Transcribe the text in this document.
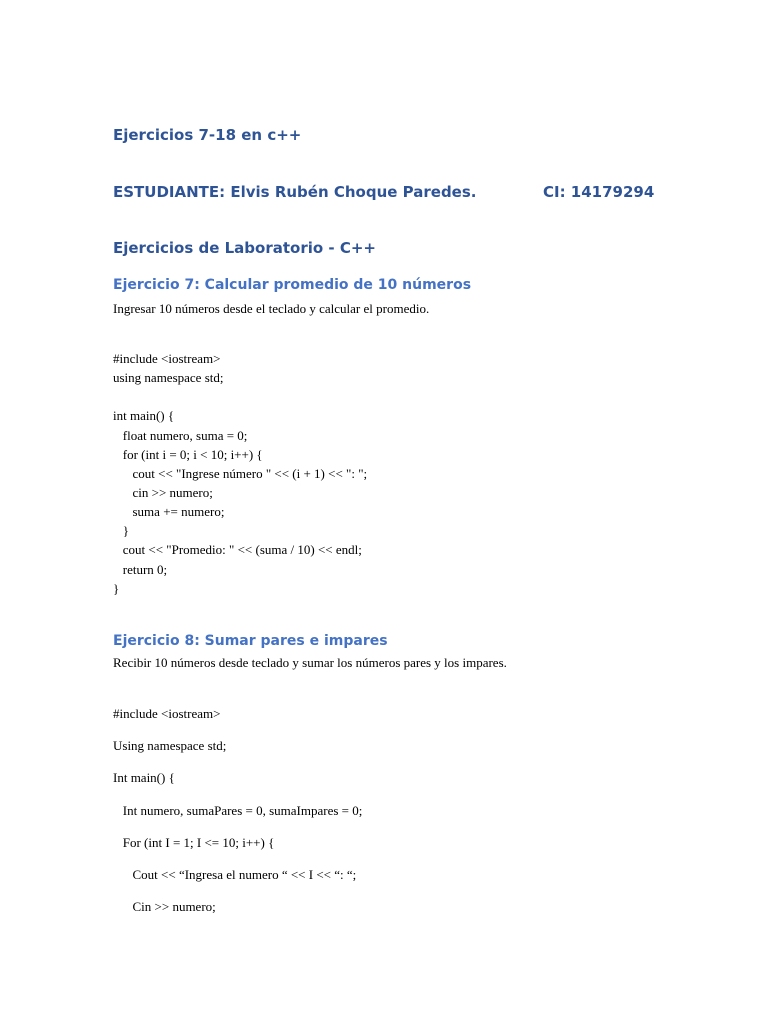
Ejercicios 7-18 en c++
ESTUDIANTE: Elvis Rubén Choque Paredes.	CI: 14179294
Ejercicios de Laboratorio - C++
Ejercicio 7: Calcular promedio de 10 números

Ingresar 10 números desde el teclado y calcular el promedio.

#include <iostream>
using namespace std;
int main() {
float numero, suma = 0;
for (int i = 0; i < 10; i++) {
cout << "Ingrese número " << (i + 1) << ": ";
cin >> numero;
suma += numero;
}
cout << "Promedio: " << (suma / 10) << endl;
return 0;
}
Ejercicio 8: Sumar pares e impares

Recibir 10 números desde teclado y sumar los números pares y los impares.

#include <iostream>
Using namespace std;
Int main() {
Int numero, sumaPares = 0, sumaImpares = 0;
For (int I = 1; I <= 10; i++) {
Cout << “Ingresa el numero “ << I << “: “;
Cin >> numero;
